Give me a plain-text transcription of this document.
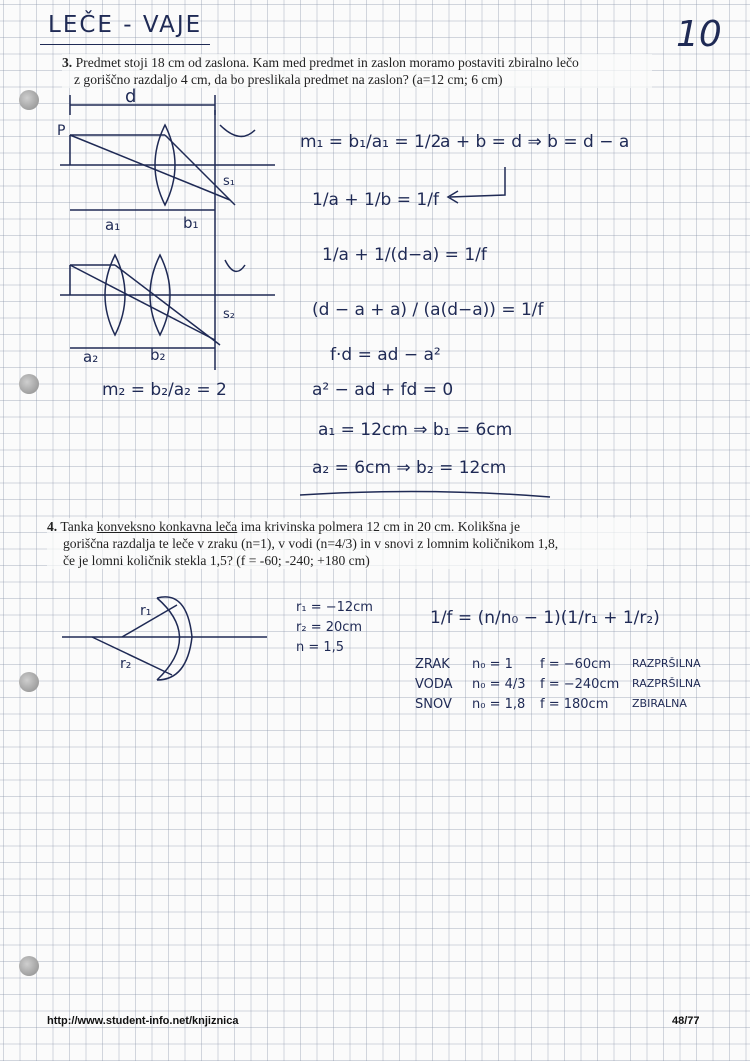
LEČE - VAJE	10
3. Predmet stoji 18 cm od zaslona. Kam med predmet in zaslon moramo postaviti zbiralno lečo
z goriščno razdaljo 4 cm, da bo preslikala predmet na zaslon? (a=12 cm; 6 cm)
d
P
a₁	b₁
s₁
a₂	b₂
s₂
m₂ = b₂/a₂ = 2
m₁ = b₁/a₁ = 1/2
a + b = d ⇒ b = d − a
1/a + 1/b = 1/f
1/a + 1/(d−a) = 1/f
(d − a + a) / (a(d−a)) = 1/f
f·d = ad − a²
a² − ad + fd = 0
a₁ = 12cm ⇒ b₁ = 6cm
a₂ = 6cm ⇒ b₂ = 12cm
4. Tanka konveksno konkavna leča ima krivinska polmera 12 cm in 20 cm. Kolikšna je
goriščna razdalja te leče v zraku (n=1), v vodi (n=4/3) in v snovi z lomnim količnikom 1,8,
če je lomni količnik stekla 1,5? (f = -60; -240; +180 cm)
r₁
r₂
r₁ = −12cm
r₂ = 20cm
n = 1,5
1/f = (n/n₀ − 1)(1/r₁ + 1/r₂)
ZRAK n₀ = 1 f = −60cm RAZPRŠILNA
VODA n₀ = 4/3 f = −240cm RAZPRŠILNA
SNOV n₀ = 1,8 f = 180cm ZBIRALNA
http://www.student-info.net/knjiznica	48/77
